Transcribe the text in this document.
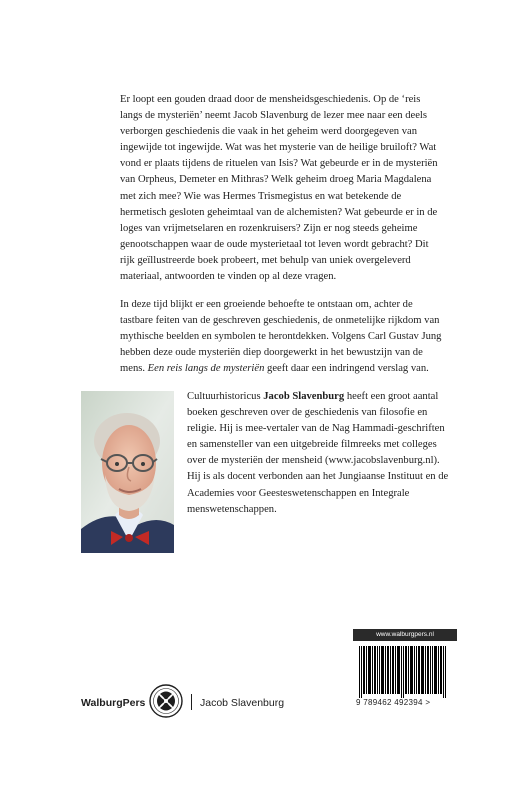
Er loopt een gouden draad door de mensheidsgeschiedenis. Op de ‘reis langs de mysteriën’ neemt Jacob Slavenburg de lezer mee naar een deels verborgen geschiedenis die vaak in het geheim werd doorgegeven van ingewijde tot ingewijde. Wat was het mysterie van de heilige bruiloft? Wat vond er plaats tijdens de rituelen van Isis? Wat gebeurde er in de mysteriën van Orpheus, Demeter en Mithras? Welk geheim droeg Maria Magdalena met zich mee? Wie was Hermes Trismegistus en wat betekende de hermetisch gesloten geheimtaal van de alchemisten? Wat gebeurde er in de loges van vrijmetselaren en rozenkruisers? Zijn er nog steeds geheime genootschappen waar de oude mysterietaal tot leven wordt gebracht? Dit rijk geïllustreerde boek probeert, met behulp van uniek overgeleverd materiaal, antwoorden te vinden op al deze vragen.

In deze tijd blijkt er een groeiende behoefte te ontstaan om, achter de tastbare feiten van de geschreven geschiedenis, de onmetelijke rijkdom van mythische beelden en symbolen te herontdekken. Volgens Carl Gustav Jung hebben deze oude mysteriën diep doorgewerkt in het bewustzijn van de mens. Een reis langs de mysteriën geeft daar een indringend verslag van.

Cultuurhistoricus Jacob Slavenburg heeft een groot aantal boeken geschreven over de geschiedenis van filosofie en religie. Hij is mee-vertaler van de Nag Hammadi-geschriften en samensteller van een uitgebreide filmreeks met colleges over de mysteriën der mensheid (www.jacobslavenburg.nl). Hij is als docent verbonden aan het Jungiaanse Instituut en de Academies voor Geesteswetenschappen en Integrale menswetenschappen.

www.walburgpers.nl
9 789462 492394 >
WalburgPers	Jacob Slavenburg
